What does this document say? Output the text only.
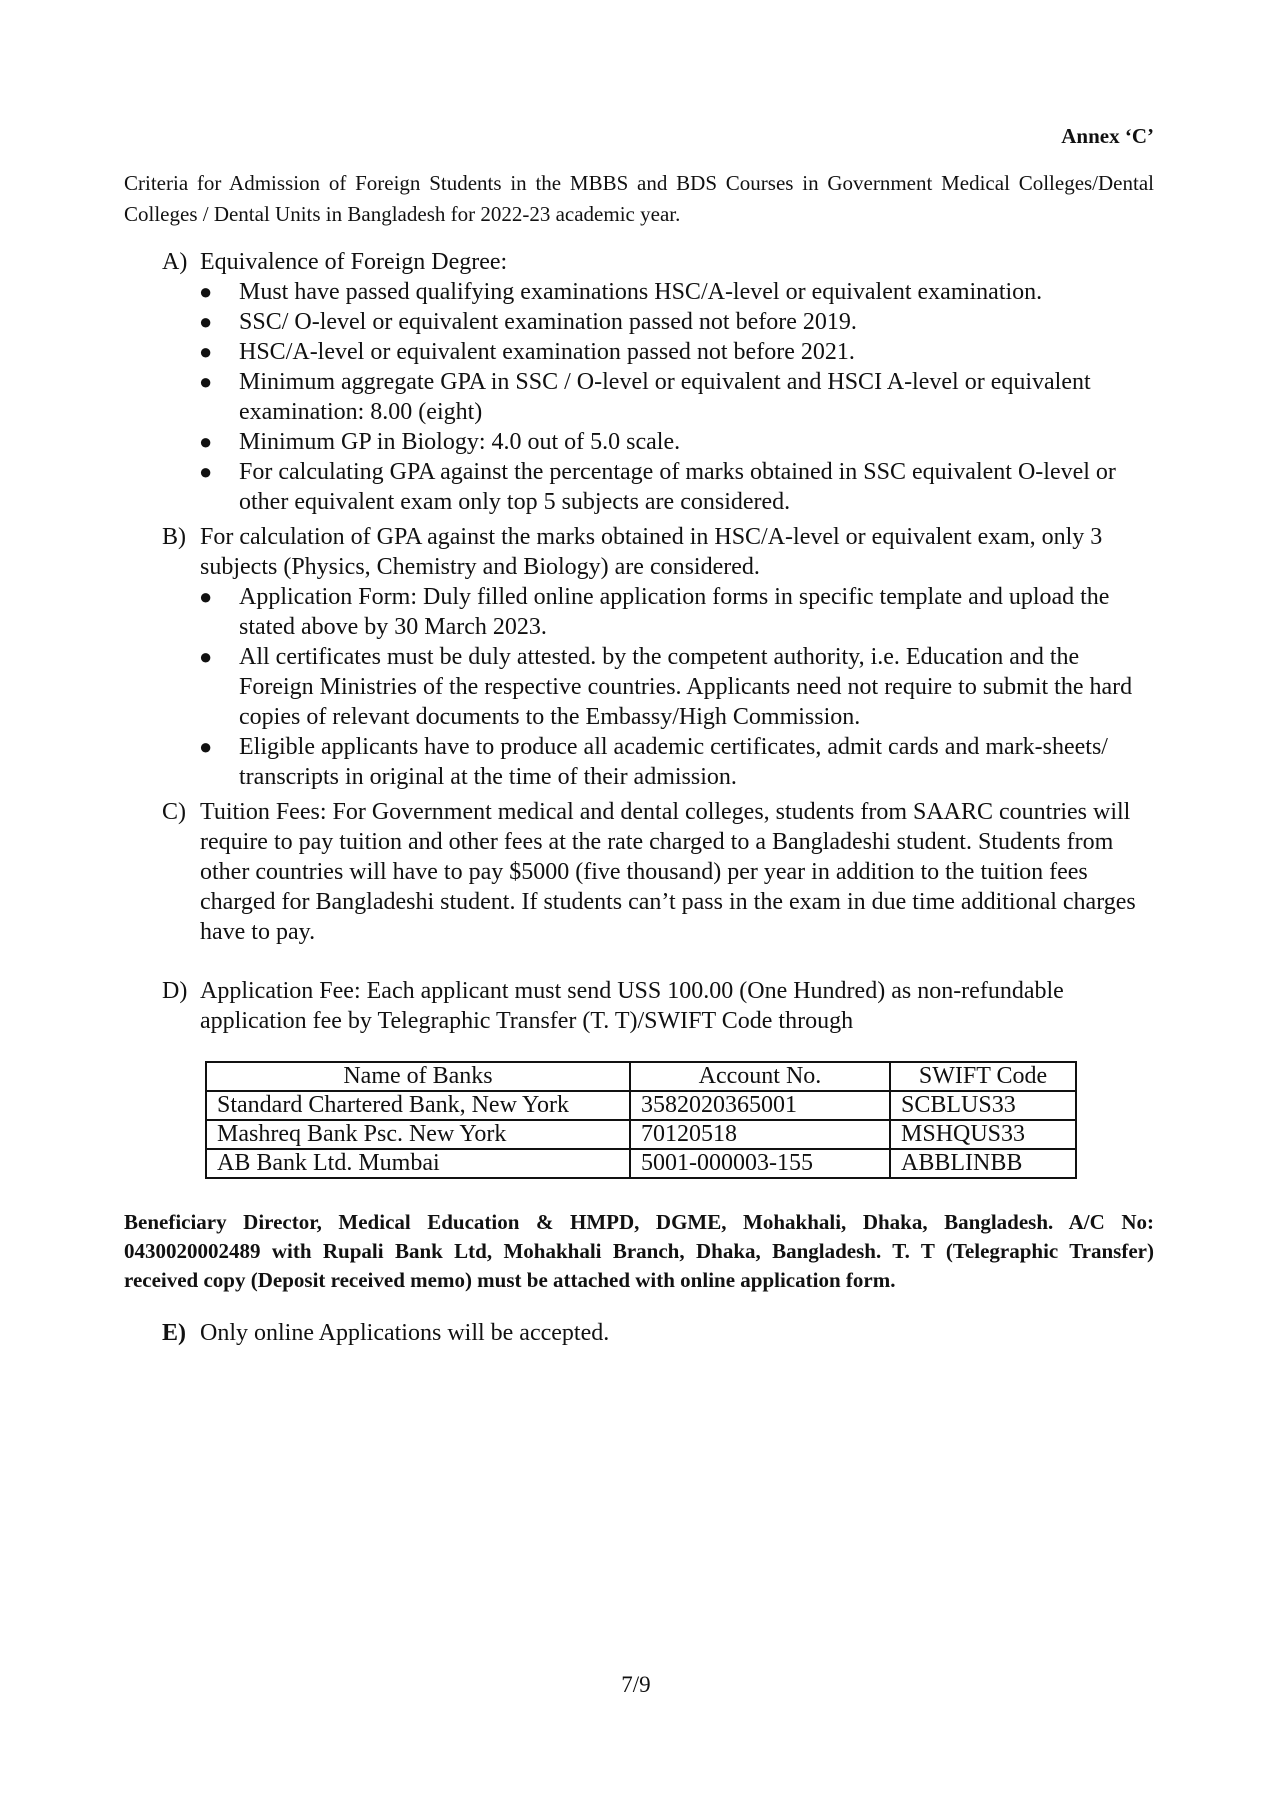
Annex ‘C’

Criteria for Admission of Foreign Students in the MBBS and BDS Courses in Government Medical Colleges/Dental Colleges / Dental Units in Bangladesh for 2022-23 academic year.

A) Equivalence of Foreign Degree:
● Must have passed qualifying examinations HSC/A-level or equivalent examination.
● SSC/ O-level or equivalent examination passed not before 2019.
● HSC/A-level or equivalent examination passed not before 2021.
● Minimum aggregate GPA in SSC / O-level or equivalent and HSCI A-level or equivalent examination: 8.00 (eight)
● Minimum GP in Biology: 4.0 out of 5.0 scale.
● For calculating GPA against the percentage of marks obtained in SSC equivalent O-level or other equivalent exam only top 5 subjects are considered.
B) For calculation of GPA against the marks obtained in HSC/A-level or equivalent exam, only 3 subjects (Physics, Chemistry and Biology) are considered.
● Application Form: Duly filled online application forms in specific template and upload the stated above by 30 March 2023.
● All certificates must be duly attested. by the competent authority, i.e. Education and the Foreign Ministries of the respective countries. Applicants need not require to submit the hard copies of relevant documents to the Embassy/High Commission.
● Eligible applicants have to produce all academic certificates, admit cards and mark-sheets/ transcripts in original at the time of their admission.
C) Tuition Fees: For Government medical and dental colleges, students from SAARC countries will require to pay tuition and other fees at the rate charged to a Bangladeshi student. Students from other countries will have to pay $5000 (five thousand) per year in addition to the tuition fees charged for Bangladeshi student. If students can’t pass in the exam in due time additional charges have to pay.
D) Application Fee: Each applicant must send USS 100.00 (One Hundred) as non-refundable application fee by Telegraphic Transfer (T. T)/SWIFT Code through
Name of Banks	Account No.	SWIFT Code
Standard Chartered Bank, New York	3582020365001	SCBLUS33
Mashreq Bank Psc. New York	70120518	MSHQUS33
AB Bank Ltd. Mumbai	5001-000003-155	ABBLINBB

Beneficiary Director, Medical Education & HMPD, DGME, Mohakhali, Dhaka, Bangladesh. A/C No: 0430020002489 with Rupali Bank Ltd, Mohakhali Branch, Dhaka, Bangladesh. T. T (Telegraphic Transfer) received copy (Deposit received memo) must be attached with online application form.

E) Only online Applications will be accepted.
7/9
